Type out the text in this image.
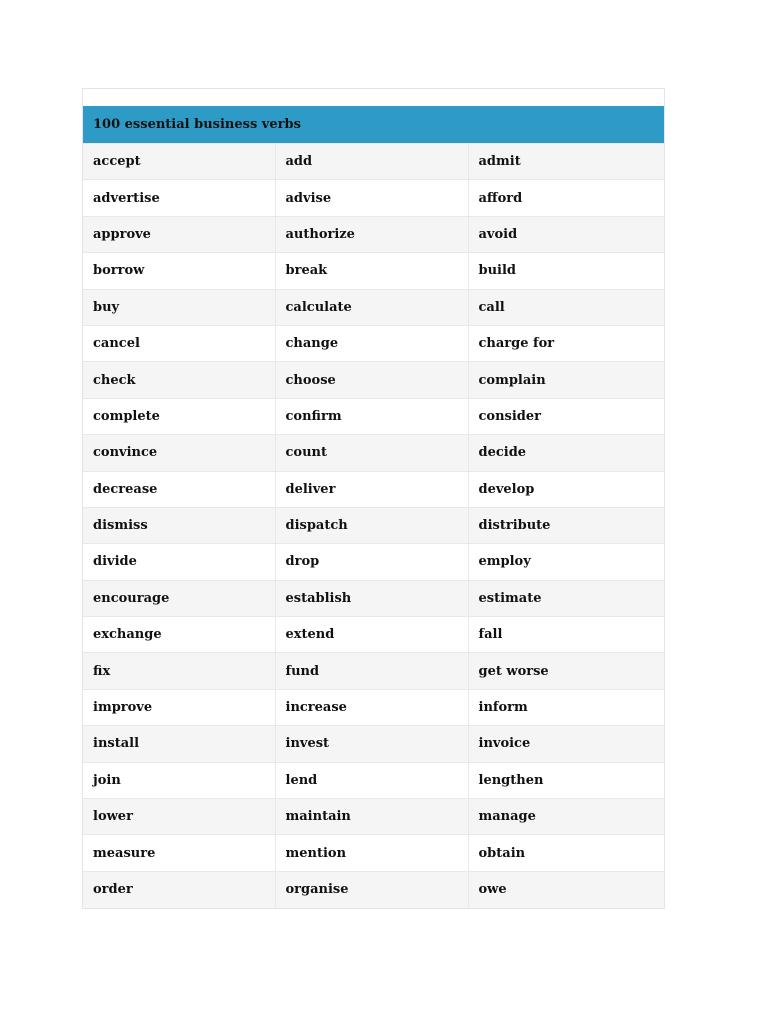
100 essential business verbs
accept	add	admit
advertise	advise	afford
approve	authorize	avoid
borrow	break	build
buy	calculate	call
cancel	change	charge for
check	choose	complain
complete	confirm	consider
convince	count	decide
decrease	deliver	develop
dismiss	dispatch	distribute
divide	drop	employ
encourage	establish	estimate
exchange	extend	fall
fix	fund	get worse
improve	increase	inform
install	invest	invoice
join	lend	lengthen
lower	maintain	manage
measure	mention	obtain
order	organise	owe
